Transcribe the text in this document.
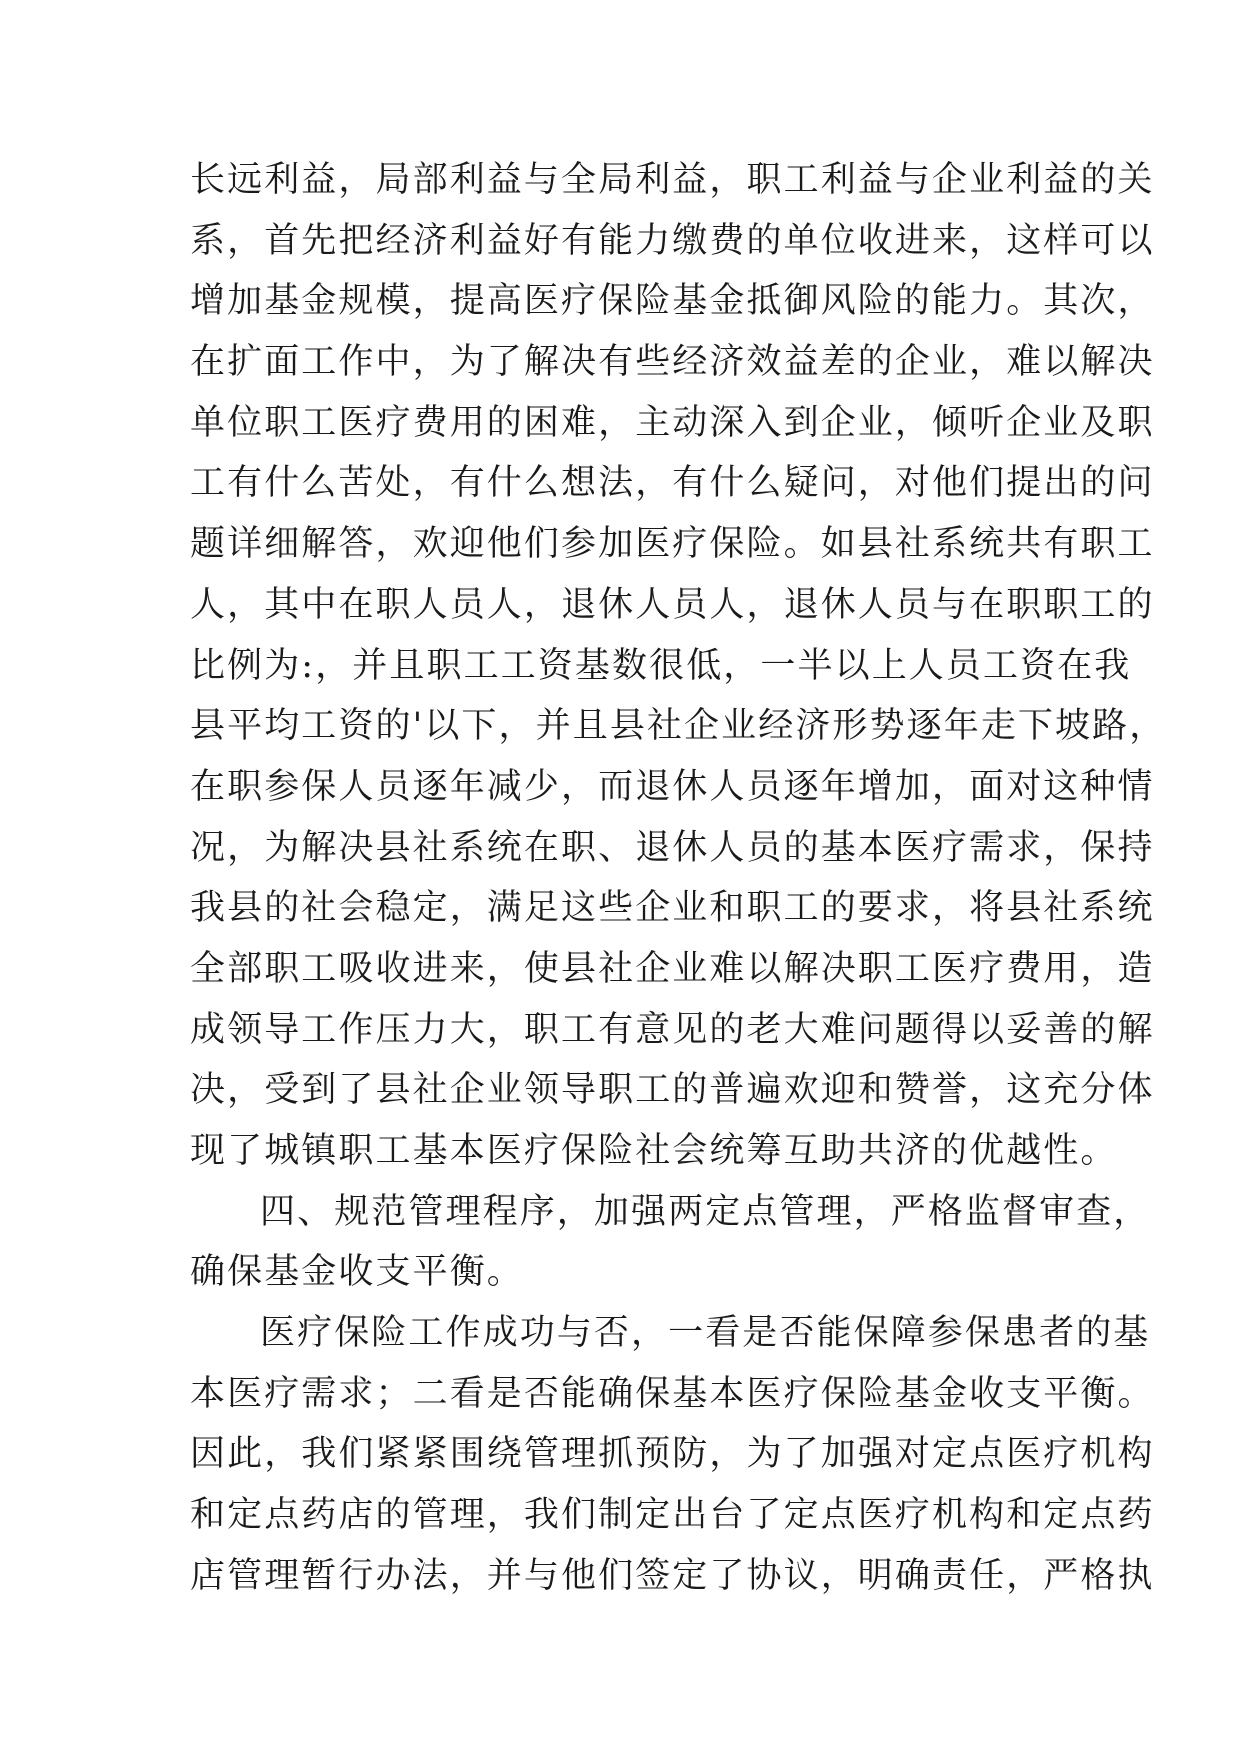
长远利益，局部利益与全局利益，职工利益与企业利益的关
系，首先把经济利益好有能力缴费的单位收进来，这样可以
增加基金规模，提高医疗保险基金抵御风险的能力。其次，
在扩面工作中，为了解决有些经济效益差的企业，难以解决
单位职工医疗费用的困难，主动深入到企业，倾听企业及职
工有什么苦处，有什么想法，有什么疑问，对他们提出的问
题详细解答，欢迎他们参加医疗保险。如县社系统共有职工
人，其中在职人员人，退休人员人，退休人员与在职职工的
比例为:，并且职工工资基数很低，一半以上人员工资在我
县平均工资的'以下，并且县社企业经济形势逐年走下坡路，
在职参保人员逐年减少，而退休人员逐年增加，面对这种情
况，为解决县社系统在职、退休人员的基本医疗需求，保持
我县的社会稳定，满足这些企业和职工的要求，将县社系统
全部职工吸收进来，使县社企业难以解决职工医疗费用，造
成领导工作压力大，职工有意见的老大难问题得以妥善的解
决，受到了县社企业领导职工的普遍欢迎和赞誉，这充分体
现了城镇职工基本医疗保险社会统筹互助共济的优越性。
四、规范管理程序，加强两定点管理，严格监督审查，
确保基金收支平衡。
医疗保险工作成功与否，一看是否能保障参保患者的基
本医疗需求；二看是否能确保基本医疗保险基金收支平衡。
因此，我们紧紧围绕管理抓预防，为了加强对定点医疗机构
和定点药店的管理，我们制定出台了定点医疗机构和定点药
店管理暂行办法，并与他们签定了协议，明确责任，严格执
